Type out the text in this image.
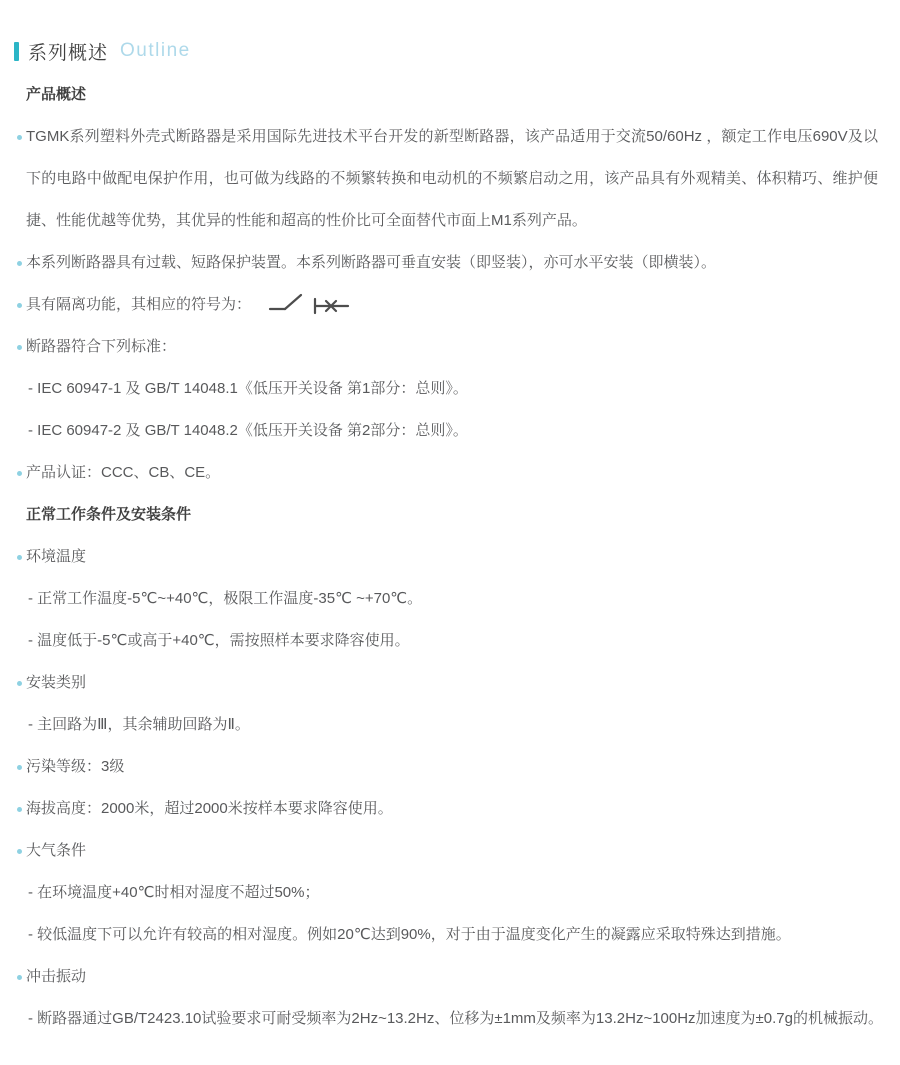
系列概述 Outline
产品概述
TGMK系列塑料外壳式断路器是采用国际先进技术平台开发的新型断路器，该产品适用于交流50/60Hz ，额定工作电压690V及以下的电路中做配电保护作用，也可做为线路的不频繁转换和电动机的不频繁启动之用，该产品具有外观精美、体积精巧、维护便捷、性能优越等优势，其优异的性能和超高的性价比可全面替代市面上M1系列产品。
本系列断路器具有过载、短路保护装置。本系列断路器可垂直安装（即竖装），亦可水平安装（即横装）。
具有隔离功能，其相应的符号为：
断路器符合下列标准：
- IEC 60947-1 及 GB/T 14048.1《低压开关设备 第1部分：总则》。
- IEC 60947-2 及 GB/T 14048.2《低压开关设备 第2部分：总则》。
产品认证：CCC、CB、CE。
正常工作条件及安装条件
环境温度
- 正常工作温度-5℃~+40℃，极限工作温度-35℃ ~+70℃。
- 温度低于-5℃或高于+40℃，需按照样本要求降容使用。
安装类别
- 主回路为Ⅲ，其余辅助回路为Ⅱ。
污染等级：3级
海拔高度：2000米，超过2000米按样本要求降容使用。
大气条件
- 在环境温度+40℃时相对湿度不超过50%；
- 较低温度下可以允许有较高的相对湿度。例如20℃达到90%，对于由于温度变化产生的凝露应采取特殊达到措施。
冲击振动
- 断路器通过GB/T2423.10试验要求可耐受频率为2Hz~13.2Hz、位移为±1mm及频率为13.2Hz~100Hz加速度为±0.7g的机械振动。
